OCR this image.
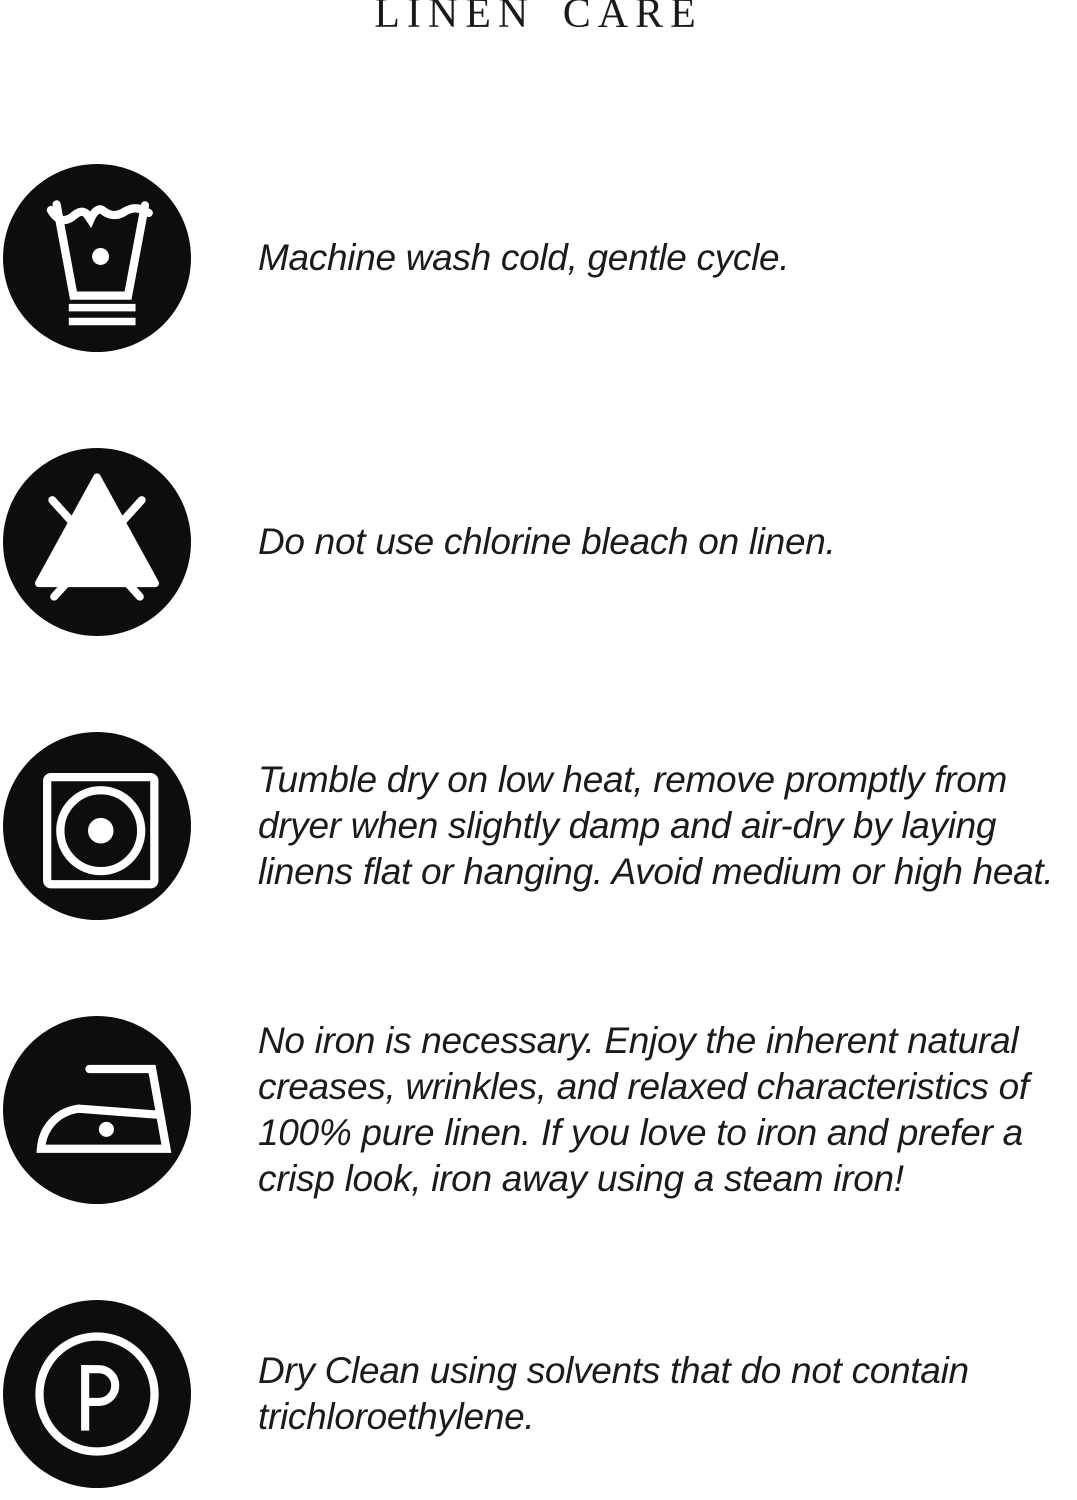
LINEN CARE

Machine wash cold, gentle cycle.

Do not use chlorine bleach on linen.

Tumble dry on low heat, remove promptly from dryer when slightly damp and air-dry by laying linens flat or hanging. Avoid medium or high heat.

No iron is necessary. Enjoy the inherent natural creases, wrinkles, and relaxed characteristics of 100% pure linen. If you love to iron and prefer a crisp look, iron away using a steam iron!

Dry Clean using solvents that do not contain trichloroethylene.
